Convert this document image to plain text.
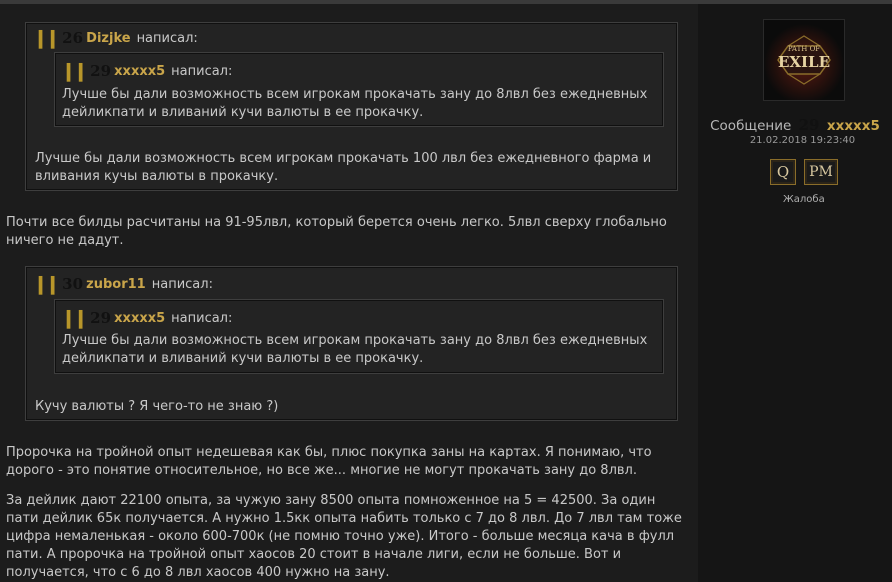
❙❙ 26 Dizjke написал:
❙❙ 29 xxxxx5 написал:
Лучше бы дали возможность всем игрокам прокачать зану до 8лвл без ежедневных
дейликпати и вливаний кучи валюты в ее прокачку.
Лучше бы дали возможность всем игрокам прокачать 100 лвл без ежедневного фарма и
вливания кучы валюты в прокачку.
Почти все билды расчитаны на 91-95лвл, который берется очень легко. 5лвл сверху глобально
ничего не дадут.
❙❙ 30 zubor11 написал:
❙❙ 29 xxxxx5 написал:
Лучше бы дали возможность всем игрокам прокачать зану до 8лвл без ежедневных
дейликпати и вливаний кучи валюты в ее прокачку.
Кучу валюты ? Я чего-то не знаю ?)
Пророчка на тройной опыт недешевая как бы, плюс покупка заны на картах. Я понимаю, что
дорого - это понятие относительное, но все же... многие не могут прокачать зану до 8лвл.
За дейлик дают 22100 опыта, за чужую зану 8500 опыта помноженное на 5 = 42500. За один
пати дейлик 65к получается. А нужно 1.5кк опыта набить только с 7 до 8 лвл. До 7 лвл там тоже
цифра немаленькая - около 600-700к (не помню точно уже). Итого - больше месяца кача в фулл
пати. А пророчка на тройной опыт хаосов 20 стоит в начале лиги, если не больше. Вот и
получается, что с 6 до 8 лвл хаосов 400 нужно на зану.
PATH OF
EXILE
Сообщение 29 xxxxx5
21.02.2018 19:23:40
Q	PM
Жалоба
